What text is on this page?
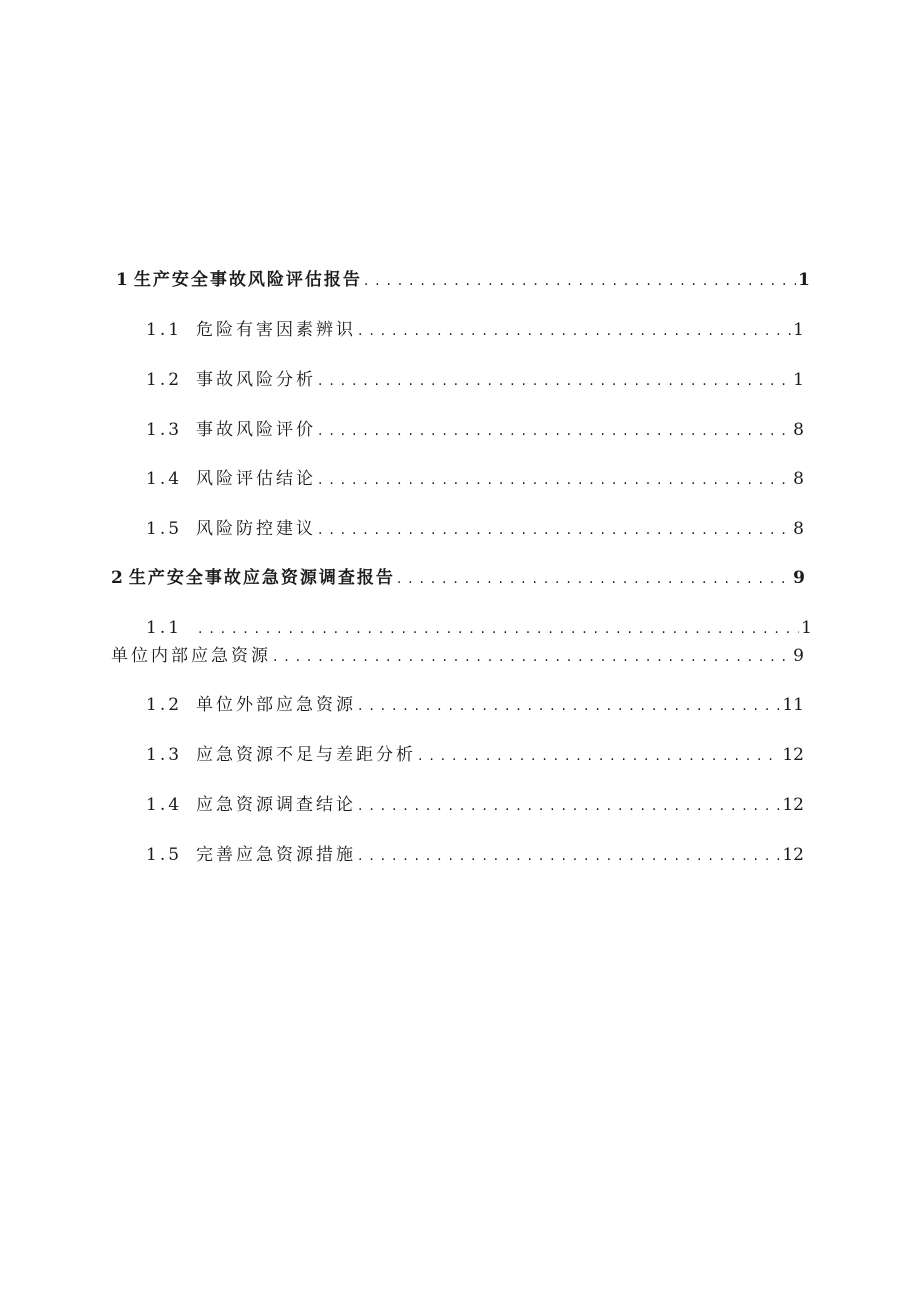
1 生产安全事故风险评估报告 . . .	1
1.1 危险有害因素辨识 . . .	1
1.2 事故风险分析 . . .	1
1.3 事故风险评价 . . .	8
1.4 风险评估结论 . . .	8
1.5 风险防控建议 . . .	8
2 生产安全事故应急资源调查报告 . . .	9
1.1 . . .	1
单位内部应急资源 . . .	9
1.2 单位外部应急资源 . . .	11
1.3 应急资源不足与差距分析 . . .	12
1.4 应急资源调查结论 . . .	12
1.5 完善应急资源措施 . . .	12
